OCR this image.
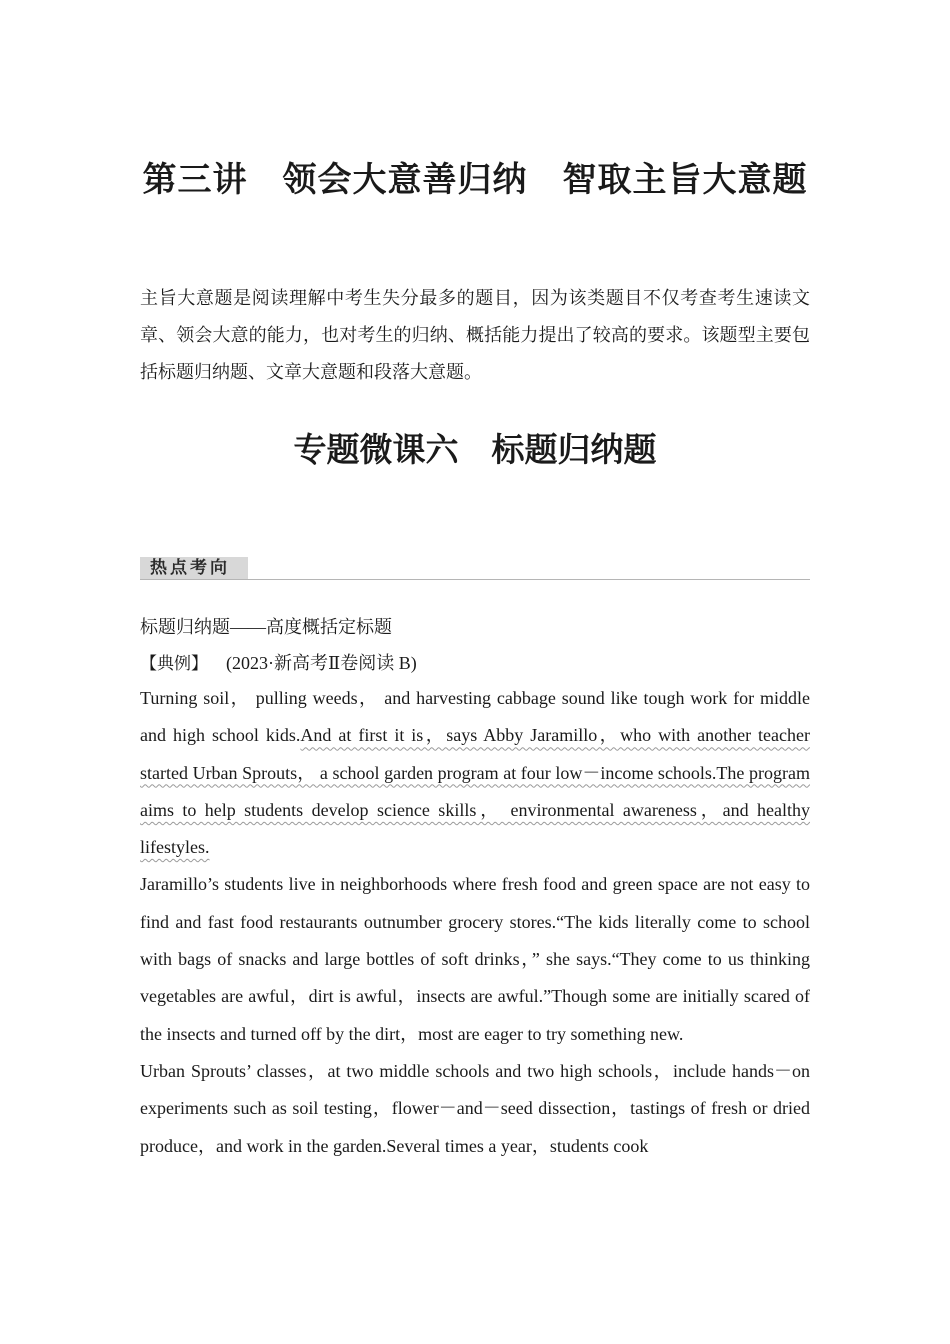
第三讲　领会大意善归纳　智取主旨大意题

主旨大意题是阅读理解中考生失分最多的题目，因为该类题目不仅考查考生速读文章、领会大意的能力，也对考生的归纳、概括能力提出了较高的要求。该题型主要包括标题归纳题、文章大意题和段落大意题。

专题微课六　标题归纳题
热点考向
标题归纳题——高度概括定标题
【典例】 (2023·新高考Ⅱ卷阅读 B)

Turning soil， pulling weeds， and harvesting cabbage sound like tough work for middle and high school kids.And at first it is，says Abby Jaramillo，who with another teacher started Urban Sprouts， a school garden program at four low－income schools.The program aims to help students develop science skills， environmental awareness，and healthy lifestyles.

Jaramillo’s students live in neighborhoods where fresh food and green space are not easy to find and fast food restaurants outnumber grocery stores.“The kids literally come to school with bags of snacks and large bottles of soft drinks，” she says.“They come to us thinking vegetables are awful，dirt is awful，insects are awful.”Though some are initially scared of the insects and turned off by the dirt，most are eager to try something new.

Urban Sprouts’ classes，at two middle schools and two high schools，include hands－on experiments such as soil testing，flower－and－seed dissection，tastings of fresh or dried produce，and work in the garden.Several times a year，students cook
